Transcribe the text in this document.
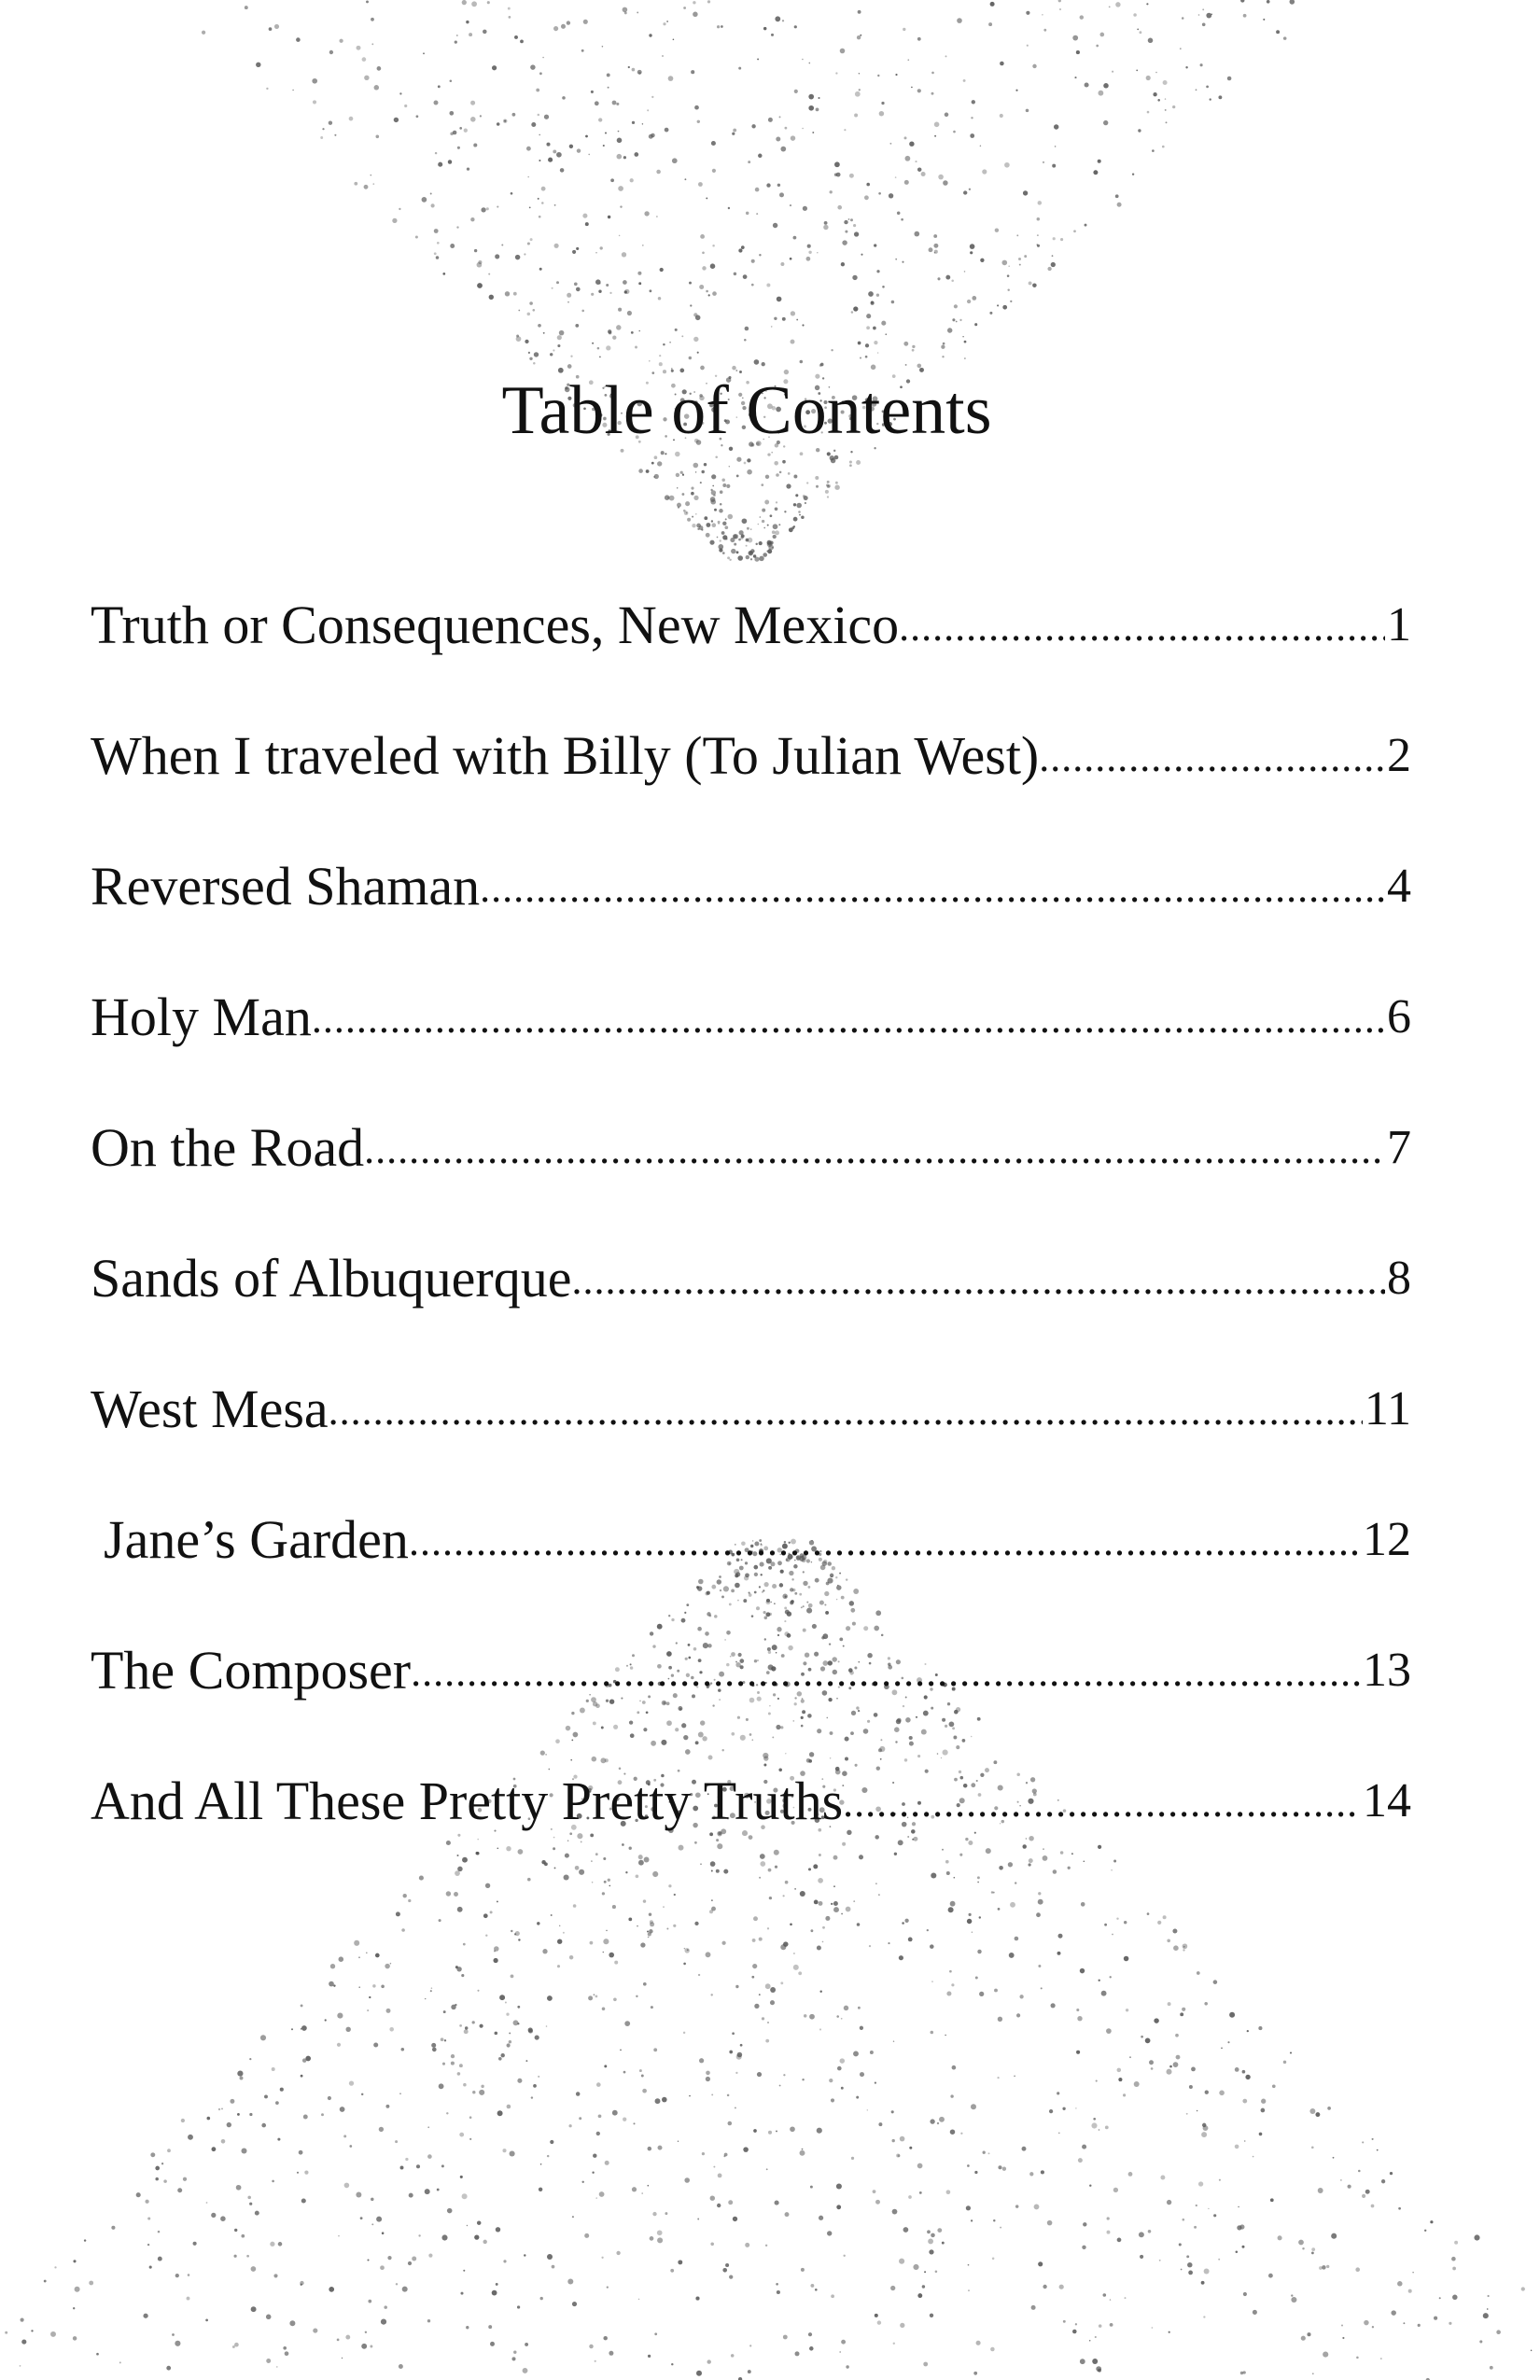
Table of Contents
Truth or Consequences, New Mexico .....	1
When I traveled with Billy (To Julian West) .....	2
Reversed Shaman .....	4
Holy Man .....	6
On the Road .....	7
Sands of Albuquerque .....	8
West Mesa .....	11
Jane’s Garden .....	12
The Composer .....	13
And All These Pretty Pretty Truths .....	14
